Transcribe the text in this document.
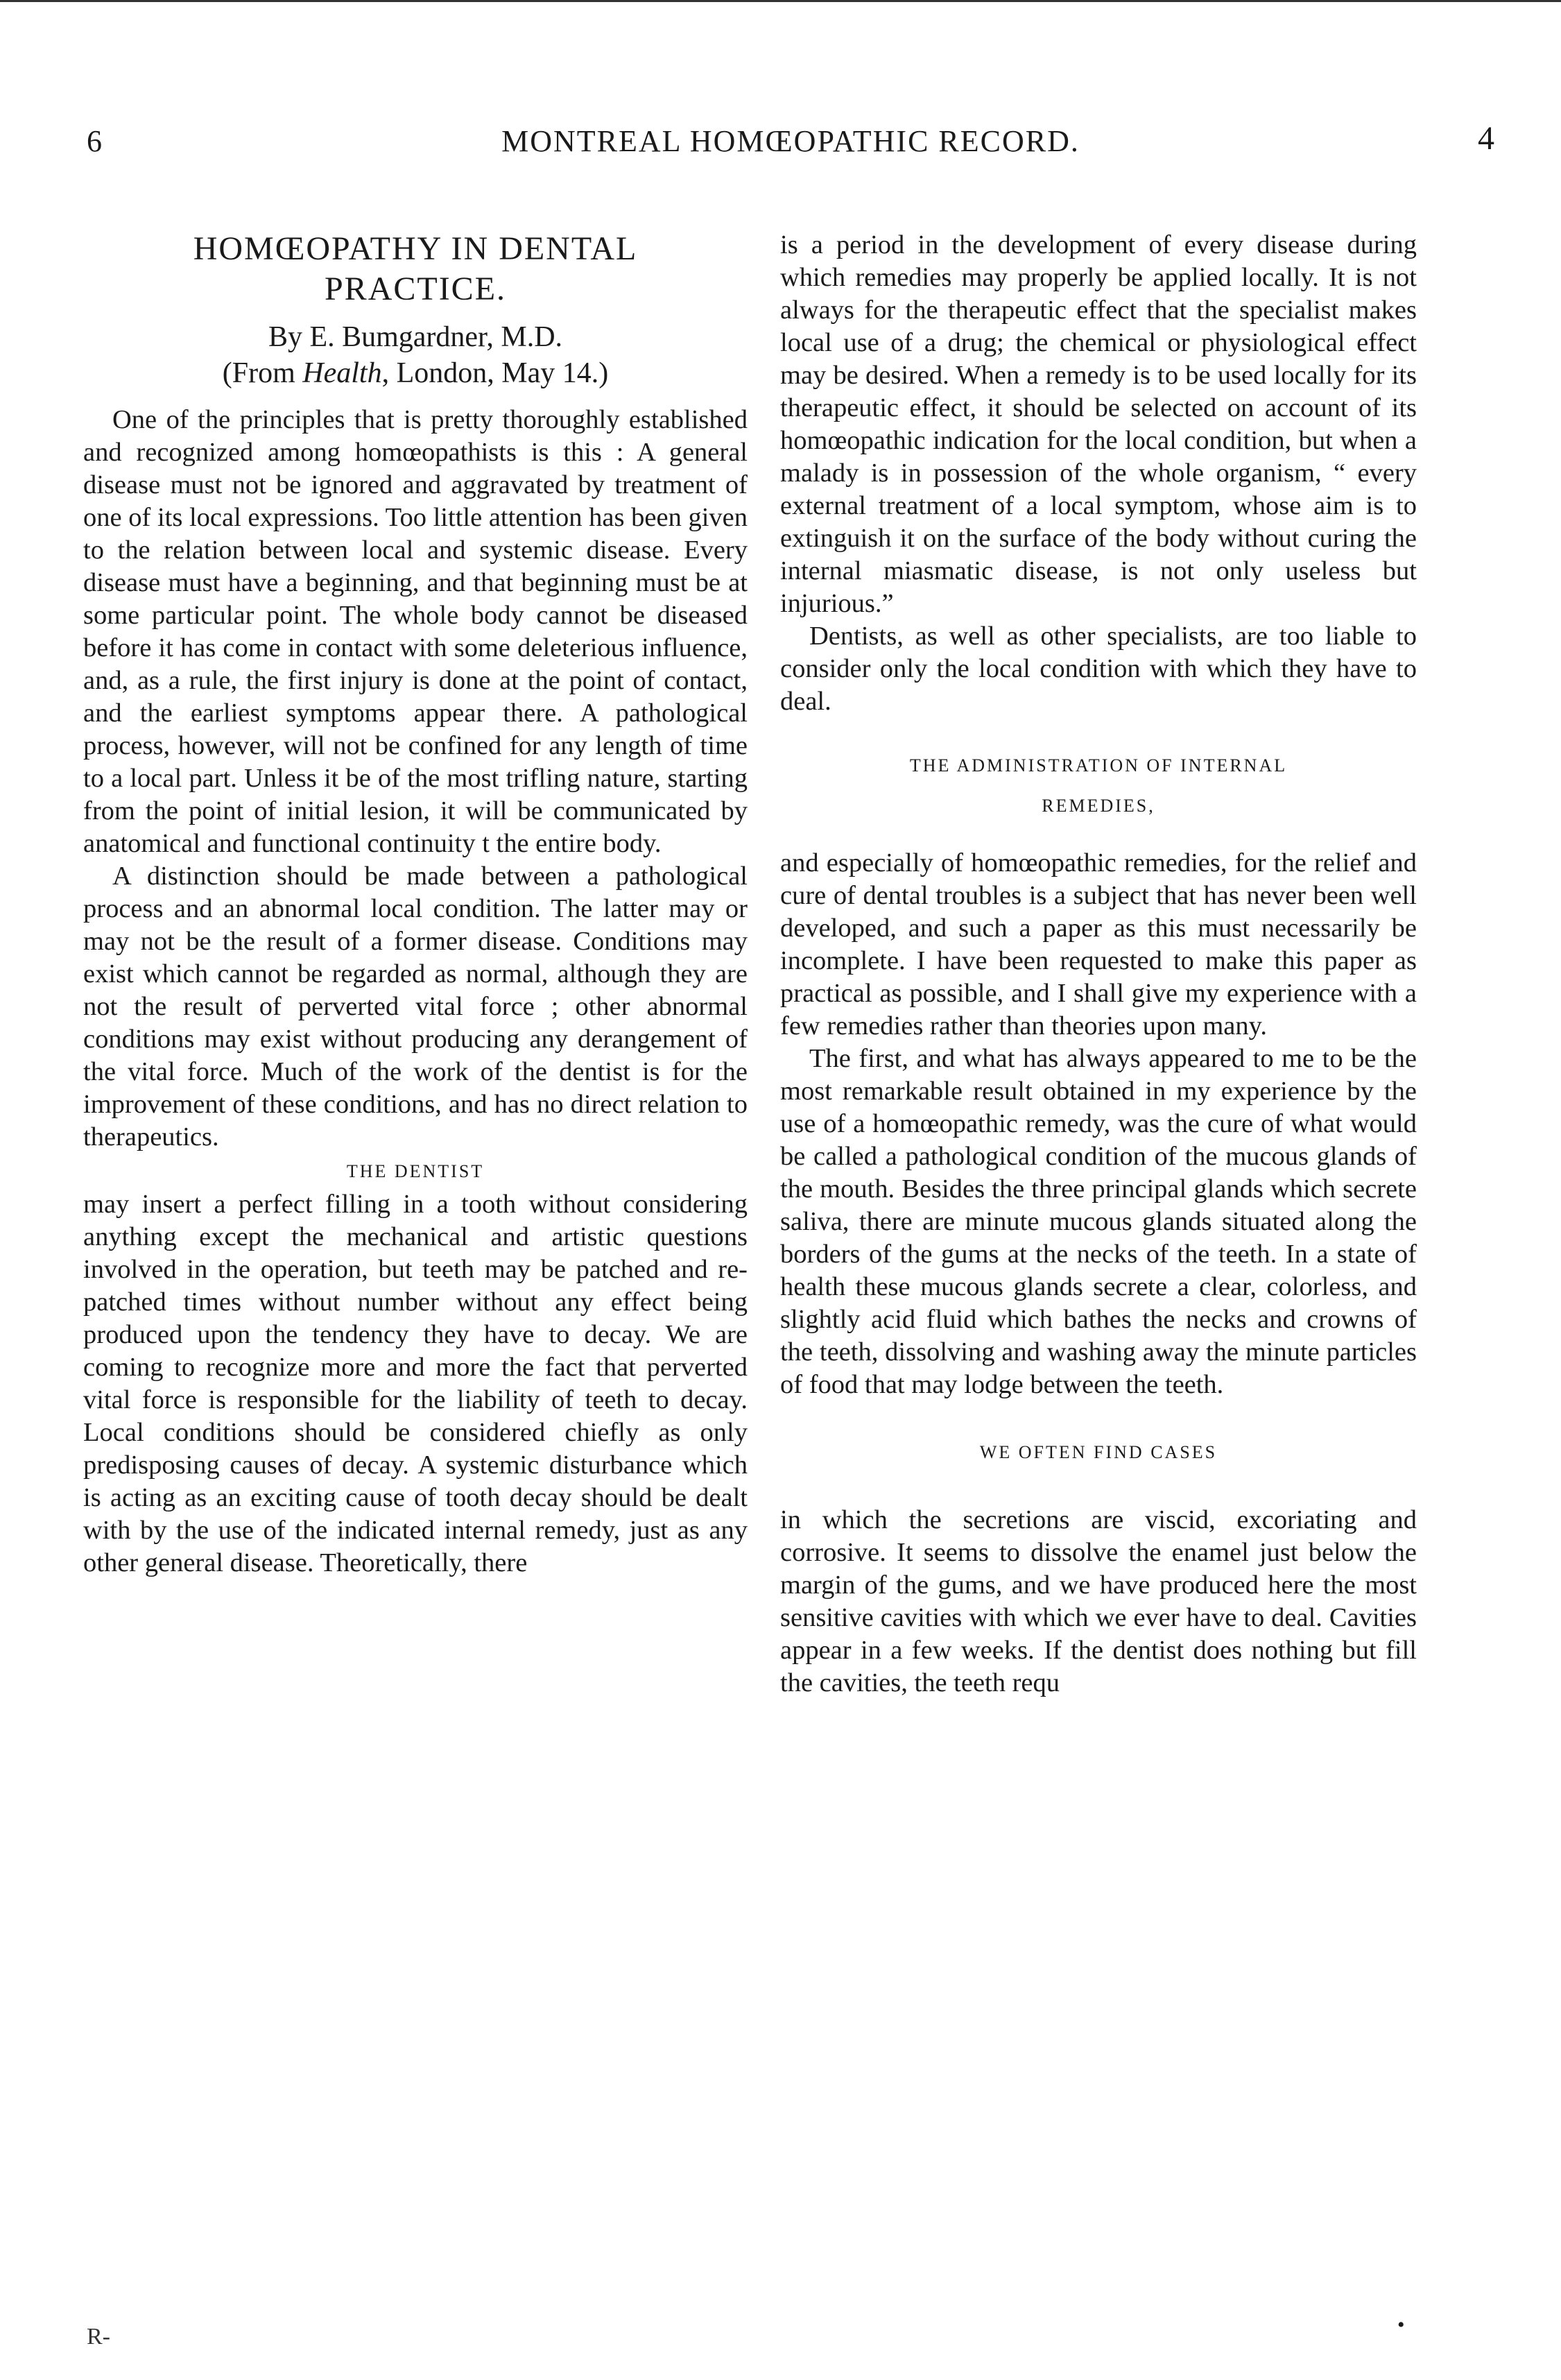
6	MONTREAL HOMŒOPATHIC RECORD.	4
HOMŒOPATHY IN DENTAL
PRACTICE.
By E. Bumgardner, M.D.
(From Health, London, May 14.)

One of the principles that is pretty thoroughly established and recognized among homœopathists is this : A general disease must not be ignored and aggravated by treatment of one of its local expressions. Too little attention has been given to the relation between local and systemic disease. Every disease must have a beginning, and that beginning must be at some particular point. The whole body cannot be diseased before it has come in contact with some deleterious influence, and, as a rule, the first injury is done at the point of contact, and the earliest symptoms appear there. A pathological process, however, will not be confined for any length of time to a local part. Unless it be of the most trifling nature, starting from the point of initial lesion, it will be communicated by anatomical and functional continuity t the entire body.

A distinction should be made between a pathological process and an abnormal local condition. The latter may or may not be the result of a former disease. Conditions may exist which cannot be regarded as normal, although they are not the result of perverted vital force ; other abnormal conditions may exist without producing any derangement of the vital force. Much of the work of the dentist is for the improvement of these conditions, and has no direct relation to therapeutics.

THE DENTIST

may insert a perfect filling in a tooth without considering anything except the mechanical and artistic questions involved in the operation, but teeth may be patched and re-patched times without number without any effect being produced upon the tendency they have to decay. We are coming to recognize more and more the fact that perverted vital force is responsible for the liability of teeth to decay. Local conditions should be considered chiefly as only predisposing causes of decay. A systemic disturbance which is acting as an exciting cause of tooth decay should be dealt with by the use of the indicated internal remedy, just as any other general disease. Theoretically, there

is a period in the development of every disease during which remedies may properly be applied locally. It is not always for the therapeutic effect that the specialist makes local use of a drug; the chemical or physiological effect may be desired. When a remedy is to be used locally for its therapeutic effect, it should be selected on account of its homœopathic indication for the local condition, but when a malady is in possession of the whole organism, “ every external treatment of a local symptom, whose aim is to extinguish it on the surface of the body without curing the internal miasmatic disease, is not only useless but injurious.”

Dentists, as well as other specialists, are too liable to consider only the local condition with which they have to deal.

THE ADMINISTRATION OF INTERNAL
REMEDIES,

and especially of homœopathic remedies, for the relief and cure of dental troubles is a subject that has never been well developed, and such a paper as this must necessarily be incomplete. I have been requested to make this paper as practical as possible, and I shall give my experience with a few remedies rather than theories upon many.

The first, and what has always appeared to me to be the most remarkable result obtained in my experience by the use of a homœopathic remedy, was the cure of what would be called a pathological condition of the mucous glands of the mouth. Besides the three principal glands which secrete saliva, there are minute mucous glands situated along the borders of the gums at the necks of the teeth. In a state of health these mucous glands secrete a clear, colorless, and slightly acid fluid which bathes the necks and crowns of the teeth, dissolving and washing away the minute particles of food that may lodge between the teeth.

WE OFTEN FIND CASES

in which the secretions are viscid, excoriating and corrosive. It seems to dissolve the enamel just below the margin of the gums, and we have produced here the most sensitive cavities with which we ever have to deal. Cavities appear in a few weeks. If the dentist does nothing but fill the cavities, the teeth requ

R-	•
